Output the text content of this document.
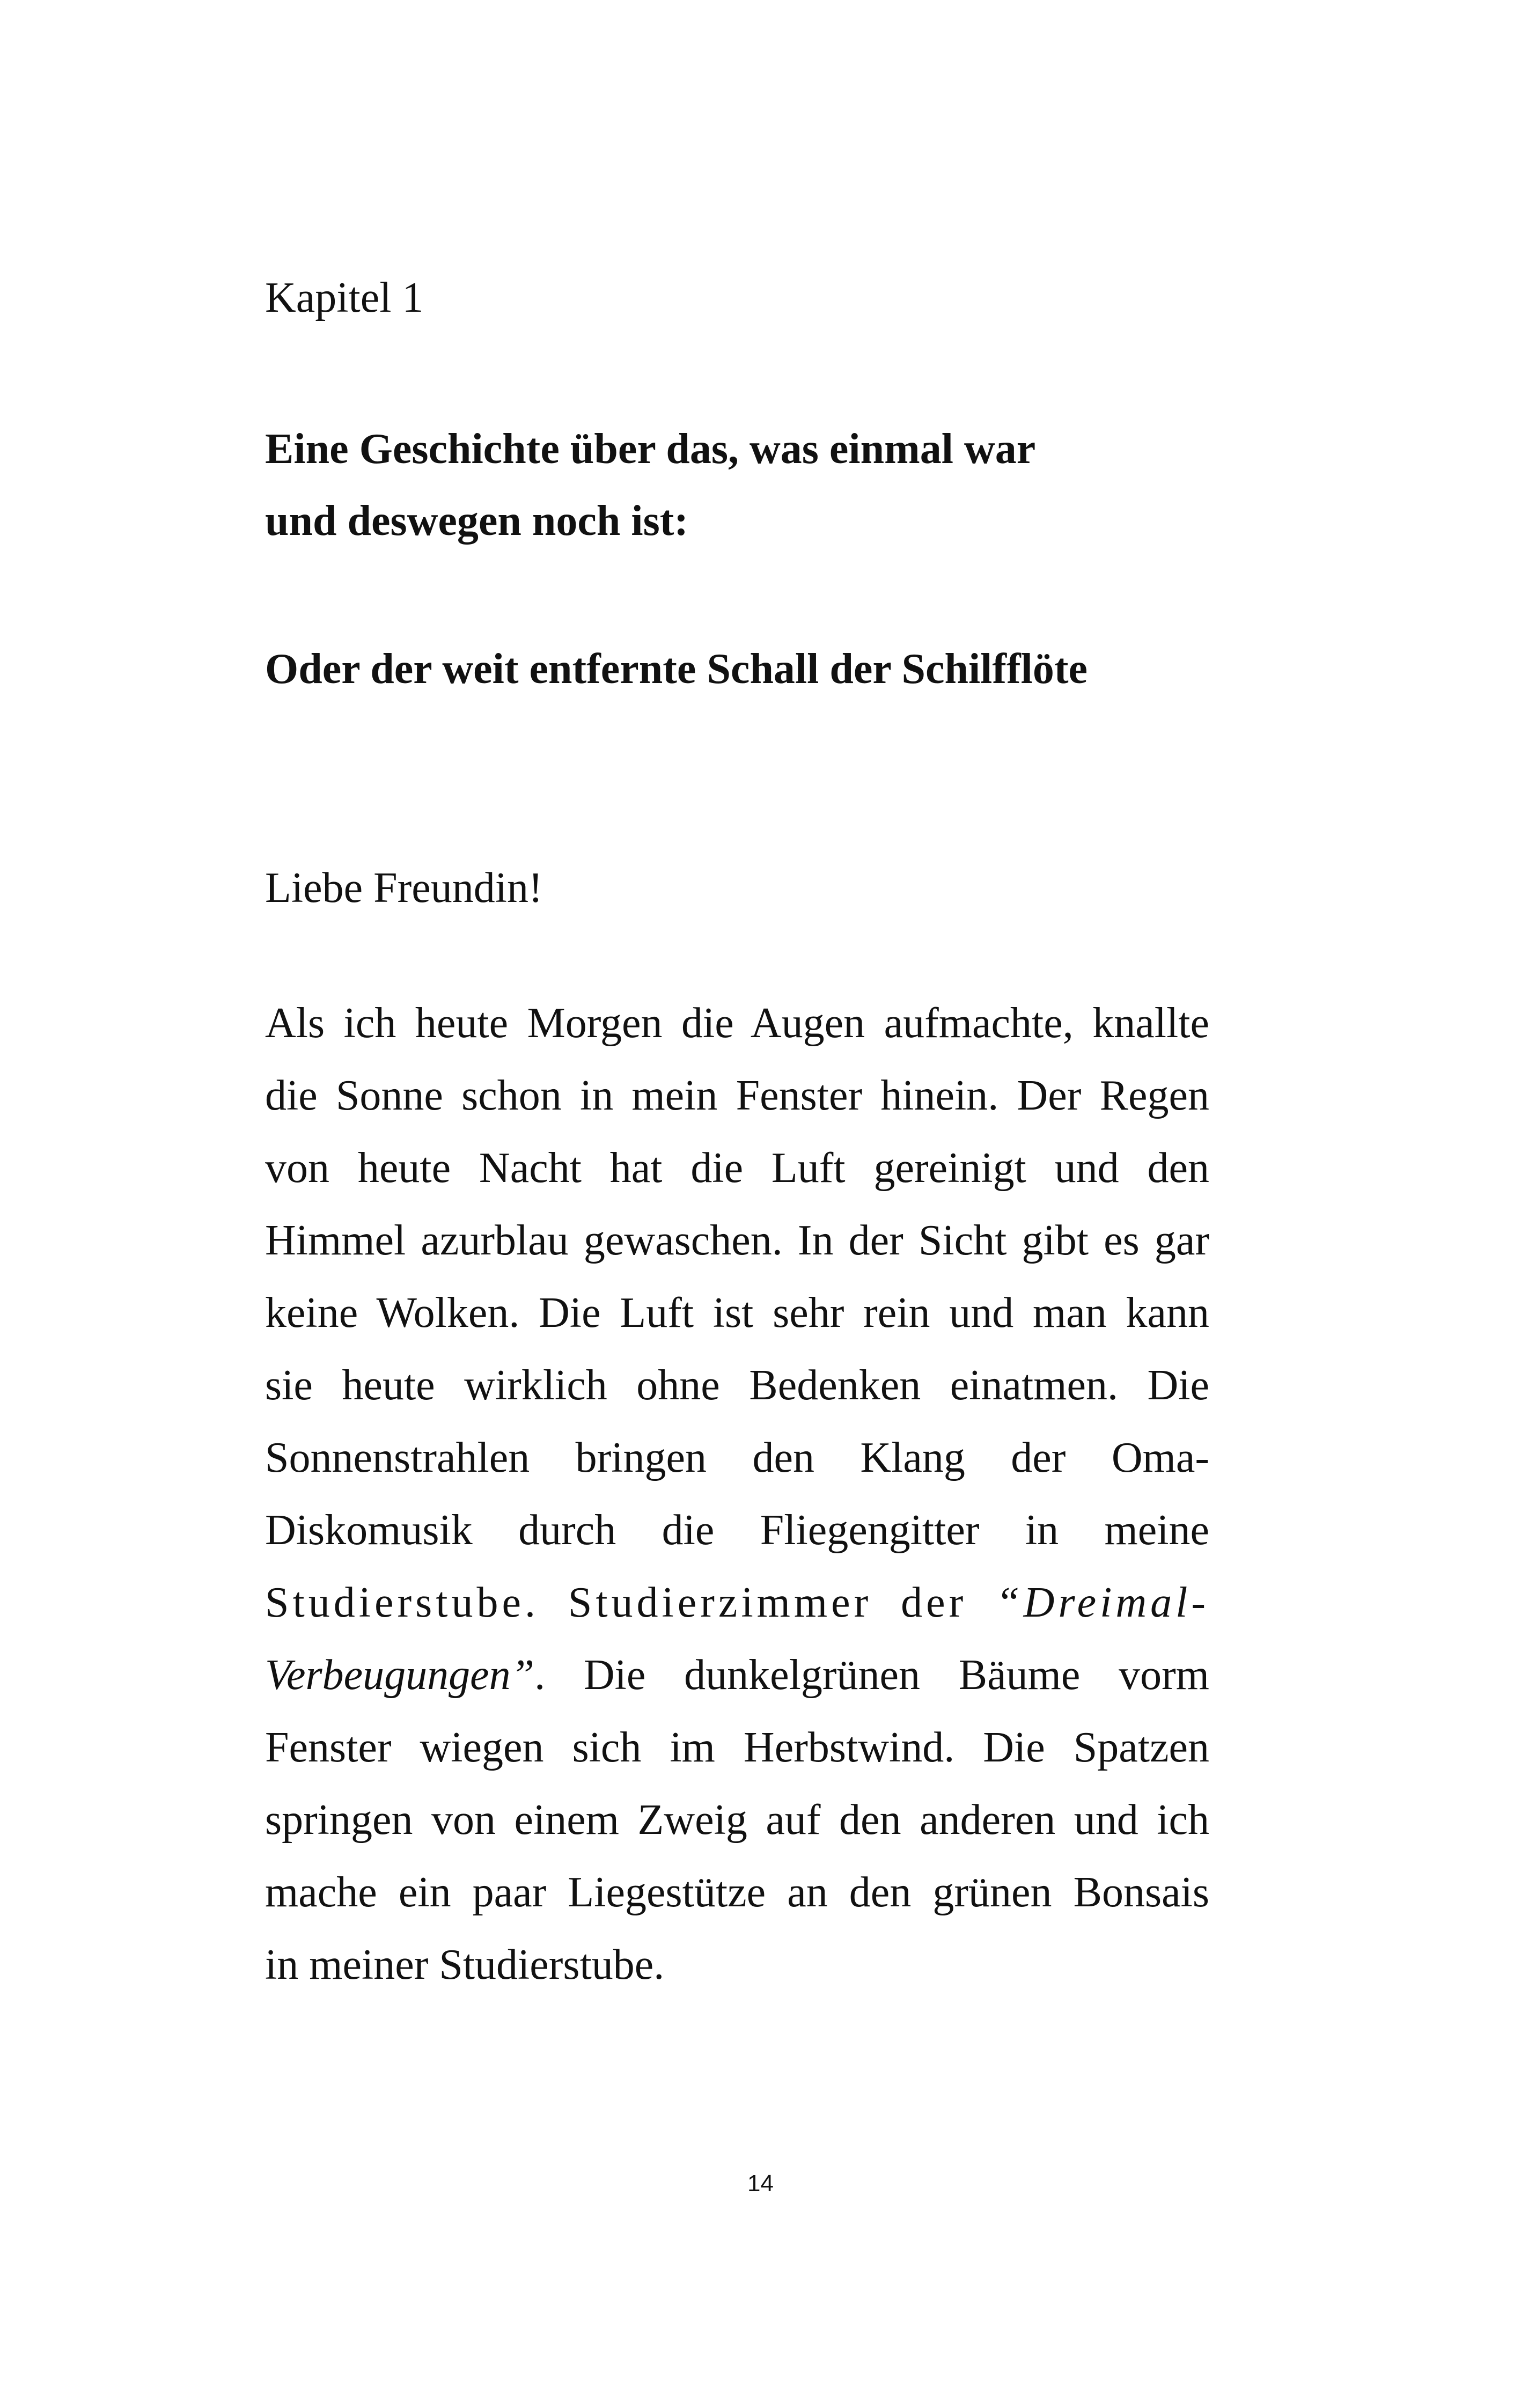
Kapitel 1
Eine Geschichte über das, was einmal war
und deswegen noch ist:
Oder der weit entfernte Schall der Schilfflöte
Liebe Freundin!
Als ich heute Morgen die Augen aufmachte, knallte
die Sonne schon in mein Fenster hinein. Der Regen
von heute Nacht hat die Luft gereinigt und den
Himmel azurblau gewaschen. In der Sicht gibt es gar
keine Wolken. Die Luft ist sehr rein und man kann
sie heute wirklich ohne Bedenken einatmen. Die
Sonnenstrahlen bringen den Klang der Oma-
Diskomusik durch die Fliegengitter in meine
Studierstube. Studierzimmer der “Dreimal-
Verbeugungen”. Die dunkelgrünen Bäume vorm
Fenster wiegen sich im Herbstwind. Die Spatzen
springen von einem Zweig auf den anderen und ich
mache ein paar Liegestütze an den grünen Bonsais
in meiner Studierstube.
14
